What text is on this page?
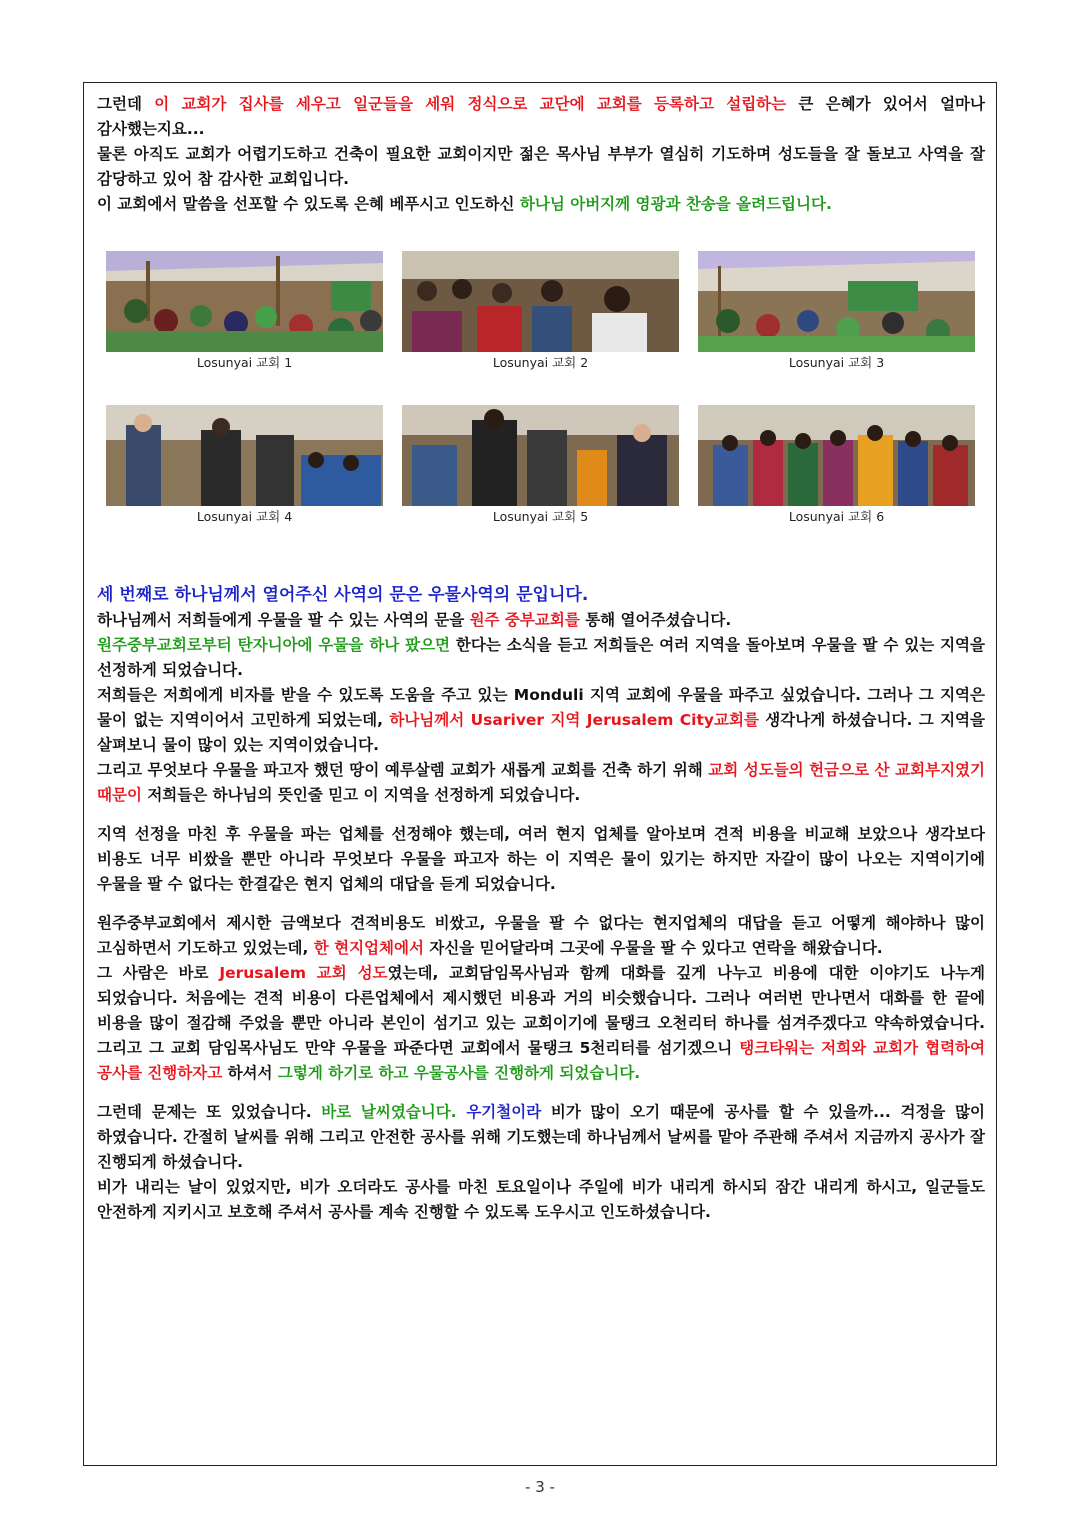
그런데 이 교회가 집사를 세우고 일군들을 세워 정식으로 교단에 교회를 등록하고 설립하는 큰 은혜가 있어서 얼마나 감사했는지요...

물론 아직도 교회가 어렵기도하고 건축이 필요한 교회이지만 젊은 목사님 부부가 열심히 기도하며 성도들을 잘 돌보고 사역을 잘 감당하고 있어 참 감사한 교회입니다.

이 교회에서 말씀을 선포할 수 있도록 은혜 베푸시고 인도하신 하나님 아버지께 영광과 찬송을 올려드립니다.

Losunyai 교회 1	Losunyai 교회 2	Losunyai 교회 3
Losunyai 교회 4	Losunyai 교회 5	Losunyai 교회 6

세 번째로 하나님께서 열어주신 사역의 문은 우물사역의 문입니다.

하나님께서 저희들에게 우물을 팔 수 있는 사역의 문을 원주 중부교회를 통해 열어주셨습니다.

원주중부교회로부터 탄자니아에 우물을 하나 팠으면 한다는 소식을 듣고 저희들은 여러 지역을 돌아보며 우물을 팔 수 있는 지역을 선정하게 되었습니다.

저희들은 저희에게 비자를 받을 수 있도록 도움을 주고 있는 Monduli 지역 교회에 우물을 파주고 싶었습니다. 그러나 그 지역은 물이 없는 지역이어서 고민하게 되었는데, 하나님께서 Usariver 지역 Jerusalem City교회를 생각나게 하셨습니다. 그 지역을 살펴보니 물이 많이 있는 지역이었습니다.

그리고 무엇보다 우물을 파고자 했던 땅이 예루살렘 교회가 새롭게 교회를 건축 하기 위해 교회 성도들의 헌금으로 산 교회부지였기 때문이 저희들은 하나님의 뜻인줄 믿고 이 지역을 선정하게 되었습니다.

지역 선정을 마친 후 우물을 파는 업체를 선정해야 했는데, 여러 현지 업체를 알아보며 견적 비용을 비교해 보았으나 생각보다 비용도 너무 비쌌을 뿐만 아니라 무엇보다 우물을 파고자 하는 이 지역은 물이 있기는 하지만 자갈이 많이 나오는 지역이기에 우물을 팔 수 없다는 한결같은 현지 업체의 대답을 듣게 되었습니다.

원주중부교회에서 제시한 금액보다 견적비용도 비쌌고, 우물을 팔 수 없다는 현지업체의 대답을 듣고 어떻게 해야하나 많이 고심하면서 기도하고 있었는데, 한 현지업체에서 자신을 믿어달라며 그곳에 우물을 팔 수 있다고 연락을 해왔습니다.

그 사람은 바로 Jerusalem 교회 성도였는데, 교회담임목사님과 함께 대화를 깊게 나누고 비용에 대한 이야기도 나누게 되었습니다. 처음에는 견적 비용이 다른업체에서 제시했던 비용과 거의 비슷했습니다. 그러나 여러번 만나면서 대화를 한 끝에 비용을 많이 절감해 주었을 뿐만 아니라 본인이 섬기고 있는 교회이기에 물탱크 오천리터 하나를 섬겨주겠다고 약속하였습니다. 그리고 그 교회 담임목사님도 만약 우물을 파준다면 교회에서 물탱크 5천리터를 섬기겠으니 탱크타워는 저희와 교회가 협력하여 공사를 진행하자고 하셔서 그렇게 하기로 하고 우물공사를 진행하게 되었습니다.

그런데 문제는 또 있었습니다. 바로 날씨였습니다. 우기철이라 비가 많이 오기 때문에 공사를 할 수 있을까... 걱정을 많이 하였습니다. 간절히 날씨를 위해 그리고 안전한 공사를 위해 기도했는데 하나님께서 날씨를 맡아 주관해 주셔서 지금까지 공사가 잘 진행되게 하셨습니다.

비가 내리는 날이 있었지만, 비가 오더라도 공사를 마친 토요일이나 주일에 비가 내리게 하시되 잠간 내리게 하시고, 일군들도 안전하게 지키시고 보호해 주셔서 공사를 계속 진행할 수 있도록 도우시고 인도하셨습니다.

- 3 -
